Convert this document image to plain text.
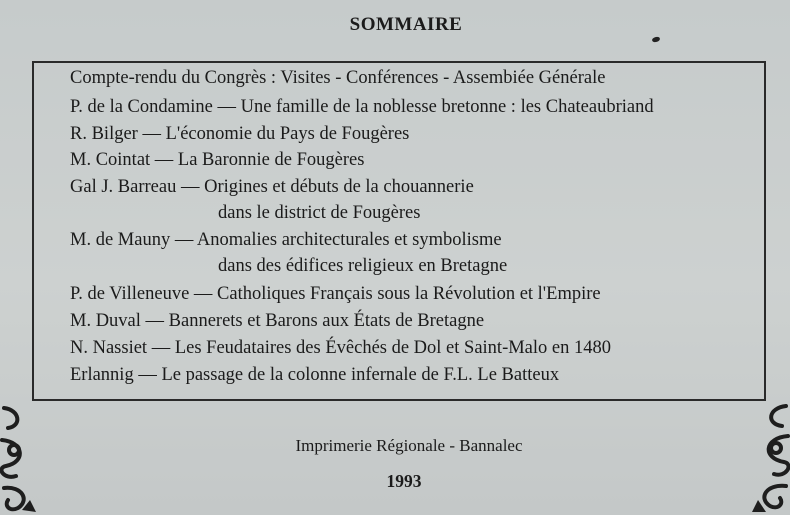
SOMMAIRE
Compte-rendu du Congrès : Visites - Conférences - Assembiée Générale
P. de la Condamine — Une famille de la noblesse bretonne : les Chateaubriand
R. Bilger — L'économie du Pays de Fougères
M. Cointat — La Baronnie de Fougères
Gal J. Barreau — Origines et débuts de la chouannerie
dans le district de Fougères
M. de Mauny — Anomalies architecturales et symbolisme
dans des édifices religieux en Bretagne
P. de Villeneuve — Catholiques Français sous la Révolution et l'Empire
M. Duval — Bannerets et Barons aux États de Bretagne
N. Nassiet — Les Feudataires des Évêchés de Dol et Saint-Malo en 1480
Erlannig — Le passage de la colonne infernale de F.L. Le Batteux
Imprimerie Régionale - Bannalec
1993
